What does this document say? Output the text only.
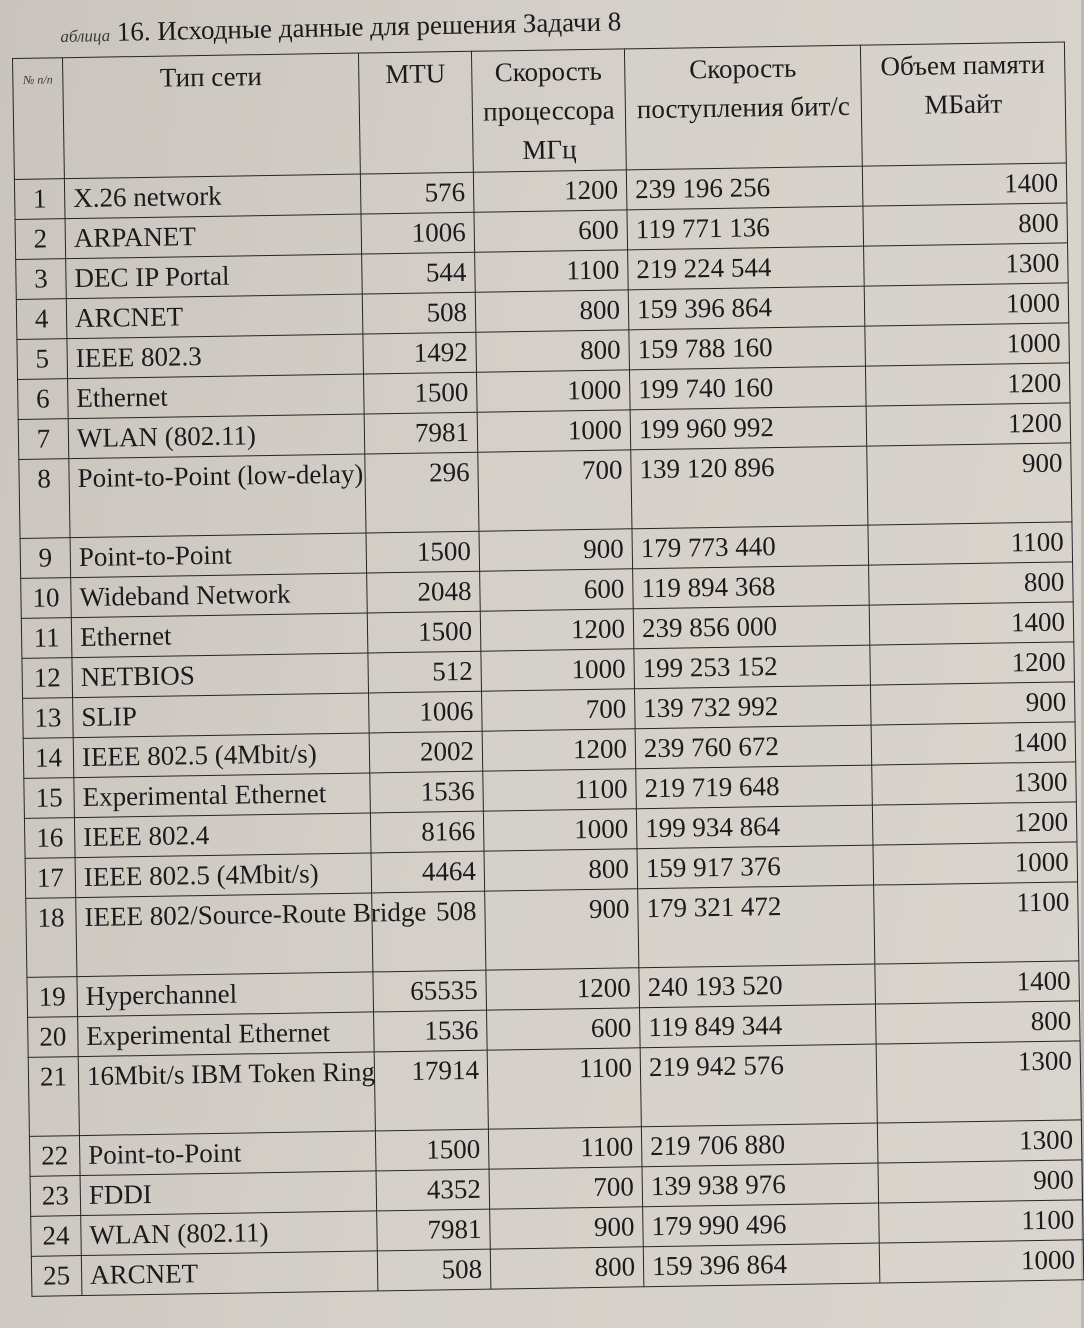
аблица 16. Исходные данные для решения Задачи 8
№ п/п	Тип сети	MTU	Скорость процессора МГц	Скорость поступления бит/с	Объем памяти МБайт
1	X.26 network	576	1200	239 196 256	1400
2	ARPANET	1006	600	119 771 136	800
3	DEC IP Portal	544	1100	219 224 544	1300
4	ARCNET	508	800	159 396 864	1000
5	IEEE 802.3	1492	800	159 788 160	1000
6	Ethernet	1500	1000	199 740 160	1200
7	WLAN (802.11)	7981	1000	199 960 992	1200
8	Point-to-Point (low-delay)	296	700	139 120 896	900
9	Point-to-Point	1500	900	179 773 440	1100
10	Wideband Network	2048	600	119 894 368	800
11	Ethernet	1500	1200	239 856 000	1400
12	NETBIOS	512	1000	199 253 152	1200
13	SLIP	1006	700	139 732 992	900
14	IEEE 802.5 (4Mbit/s)	2002	1200	239 760 672	1400
15	Experimental Ethernet	1536	1100	219 719 648	1300
16	IEEE 802.4	8166	1000	199 934 864	1200
17	IEEE 802.5 (4Mbit/s)	4464	800	159 917 376	1000
18	IEEE 802/Source-Route Bridge	508	900	179 321 472	1100
19	Hyperchannel	65535	1200	240 193 520	1400
20	Experimental Ethernet	1536	600	119 849 344	800
21	16Mbit/s IBM Token Ring	17914	1100	219 942 576	1300
22	Point-to-Point	1500	1100	219 706 880	1300
23	FDDI	4352	700	139 938 976	900
24	WLAN (802.11)	7981	900	179 990 496	1100
25	ARCNET	508	800	159 396 864	1000
